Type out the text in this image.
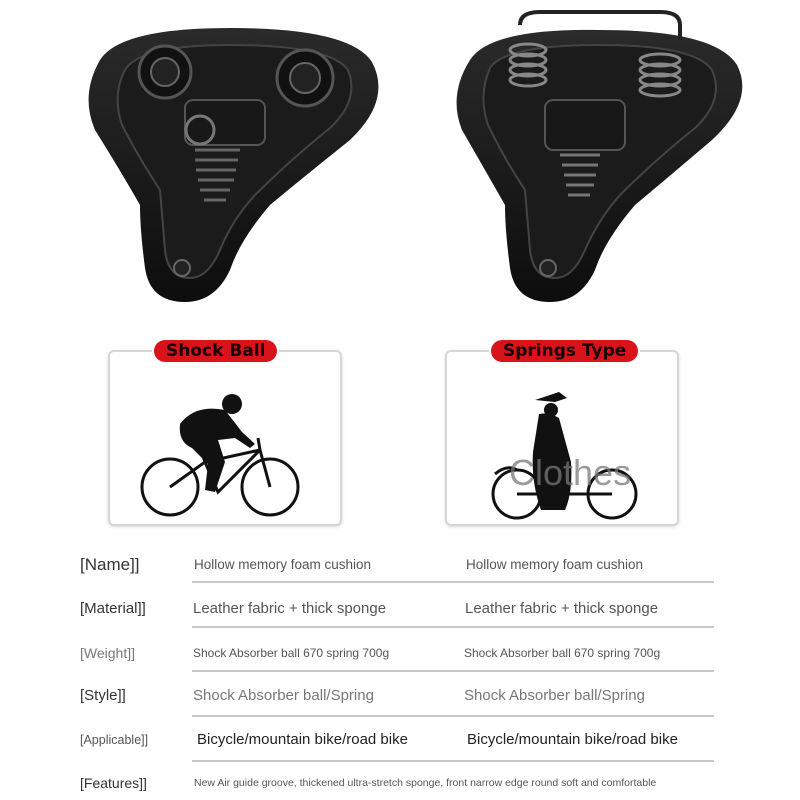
Shock Ball
Clothes
Springs Type
[Name]]	Hollow memory foam cushion	Hollow memory foam cushion
[Material]]	Leather fabric + thick sponge	Leather fabric + thick sponge
[Weight]]	Shock Absorber ball 670 spring 700g	Shock Absorber ball 670 spring 700g
[Style]]	Shock Absorber ball/Spring	Shock Absorber ball/Spring
[Applicable]]	Bicycle/mountain bike/road bike	Bicycle/mountain bike/road bike
[Features]]	New Air guide groove, thickened ultra-stretch sponge, front narrow edge round soft and comfortable
